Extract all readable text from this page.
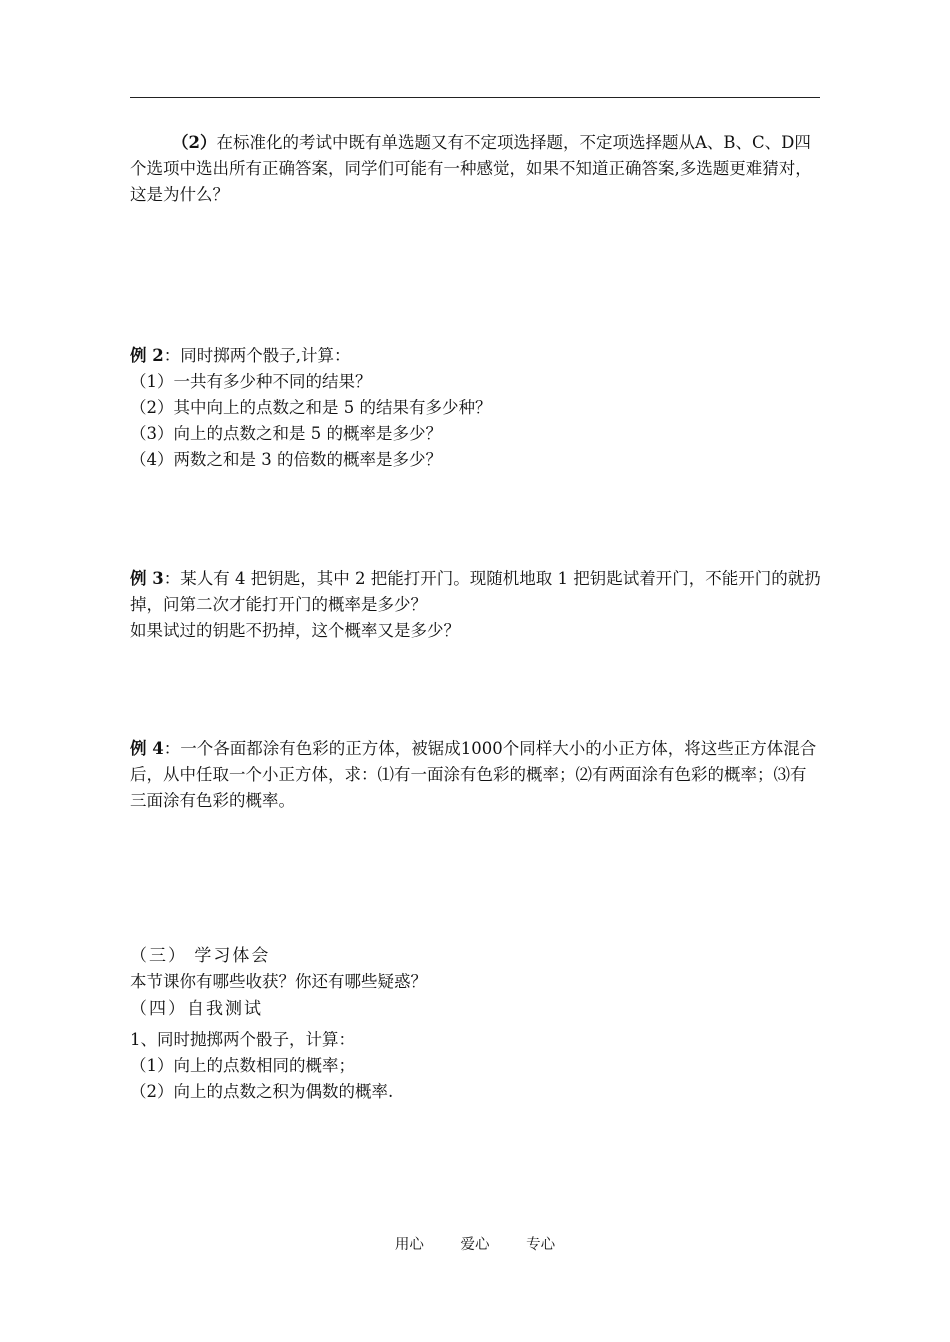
（2）在标准化的考试中既有单选题又有不定项选择题，不定项选择题从A、B、C、D四个选项中选出所有正确答案，同学们可能有一种感觉，如果不知道正确答案,多选题更难猜对，这是为什么？

例 2：同时掷两个骰子,计算：

（1）一共有多少种不同的结果？

（2）其中向上的点数之和是 5 的结果有多少种？

（3）向上的点数之和是 5 的概率是多少？

（4）两数之和是 3 的倍数的概率是多少？

例 3：某人有 4 把钥匙，其中 2 把能打开门。现随机地取 1 把钥匙试着开门，不能开门的就扔掉，问第二次才能打开门的概率是多少？

如果试过的钥匙不扔掉，这个概率又是多少？

例 4：一个各面都涂有色彩的正方体，被锯成1000个同样大小的小正方体，将这些正方体混合后，从中任取一个小正方体，求：⑴有一面涂有色彩的概率；⑵有两面涂有色彩的概率；⑶有三面涂有色彩的概率。

（三） 学习体会

本节课你有哪些收获？你还有哪些疑惑？

（四）自我测试

1、同时抛掷两个骰子，计算：

（1）向上的点数相同的概率；

（2）向上的点数之积为偶数的概率.

用心	爱心	专心
